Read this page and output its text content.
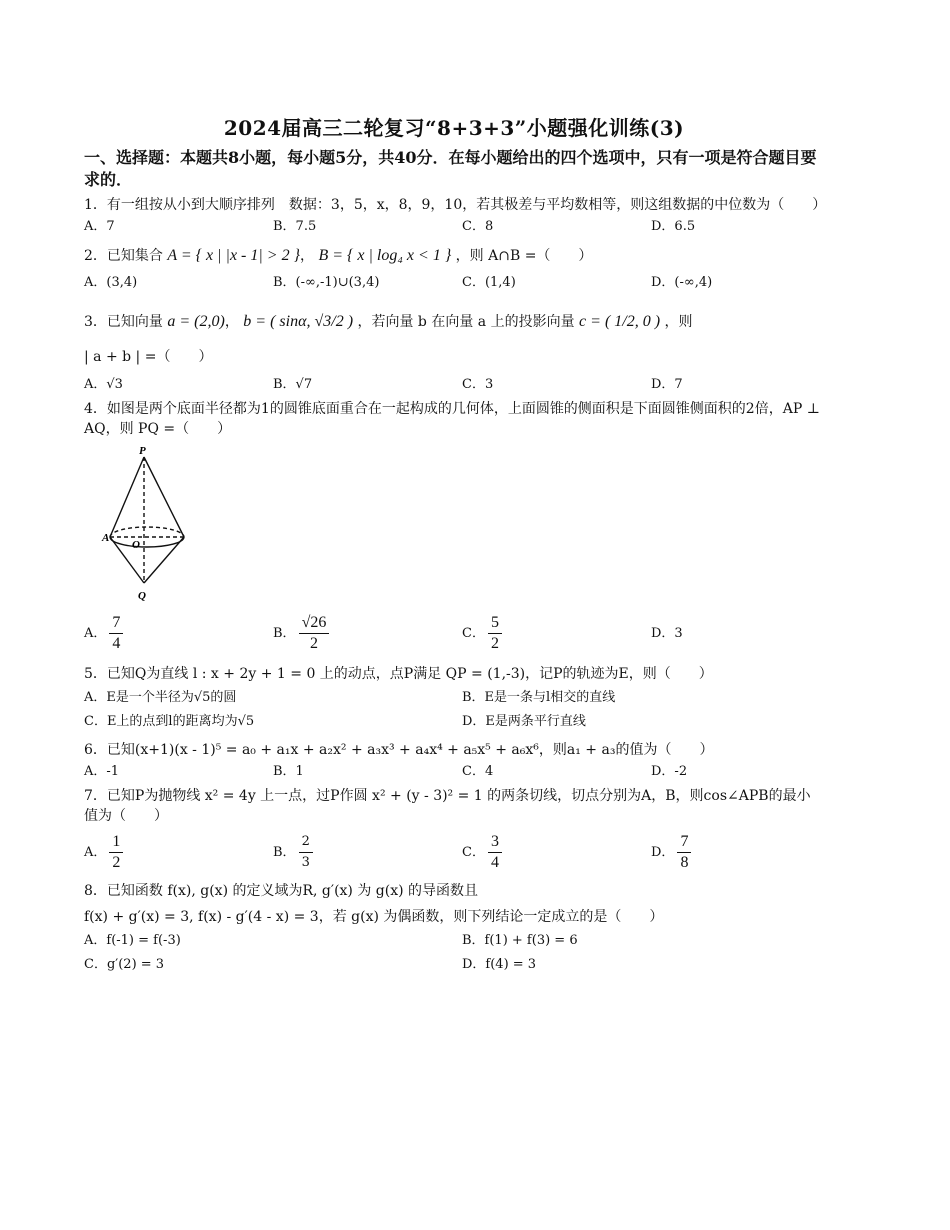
2024届高三二轮复习“8+3+3”小题强化训练(3)
一、选择题：本题共8小题，每小题5分，共40分．在每小题给出的四个选项中，只有一项是符合题目要求的．
1．有一组按从小到大顺序排列　数据：3，5，x，8，9，10，若其极差与平均数相等，则这组数据的中位数为（　　）
A．7	B．7.5	C．8	D．6.5
2．已知集合 A = { x | |x - 1| > 2 }， B = { x | log₄ x < 1 } ，则 A∩B =（　　）
A．(3,4)	B．(-∞,-1)∪(3,4)	C．(1,4)	D．(-∞,4)
3．已知向量 a = (2,0)， b = ( sinα, √3/2 ) ，若向量 b 在向量 a 上的投影向量 c = ( 1/2, 0 ) ，则
| a + b | =（　　）
A．√3	B．√7	C．3	D．7
4．如图是两个底面半径都为1的圆锥底面重合在一起构成的几何体，上面圆锥的侧面积是下面圆锥侧面积的2倍，AP ⊥ AQ，则 PQ =（　　）
P
A
O
Q
A． $\frac{7}{4}$	B． $\frac{√26}{2}$	C． $\frac{5}{2}$	D．3
5．已知Q为直线 l : x + 2y + 1 = 0 上的动点，点P满足 QP = (1,-3)，记P的轨迹为E，则（　　）
A．E是一个半径为√5的圆	B．E是一条与l相交的直线
C．E上的点到l的距离均为√5	D．E是两条平行直线
6．已知(x+1)(x - 1)⁵ = a₀ + a₁x + a₂x² + a₃x³ + a₄x⁴ + a₅x⁵ + a₆x⁶，则a₁ + a₃的值为（　　）
A．-1	B．1	C．4	D．-2
7．已知P为抛物线 x² = 4y 上一点，过P作圆 x² + (y - 3)² = 1 的两条切线，切点分别为A，B，则cos∠APB的最小值为（　　）
A． $\frac{1}{2}$	B． $\frac{2}{3}$	C． $\frac{3}{4}$	D． $\frac{7}{8}$
8．已知函数 f(x), g(x) 的定义域为R, g′(x) 为 g(x) 的导函数且
f(x) + g′(x) = 3, f(x) - g′(4 - x) = 3，若 g(x) 为偶函数，则下列结论一定成立的是（　　）
A．f(-1) = f(-3)	B．f(1) + f(3) = 6
C．g′(2) = 3	D．f(4) = 3
